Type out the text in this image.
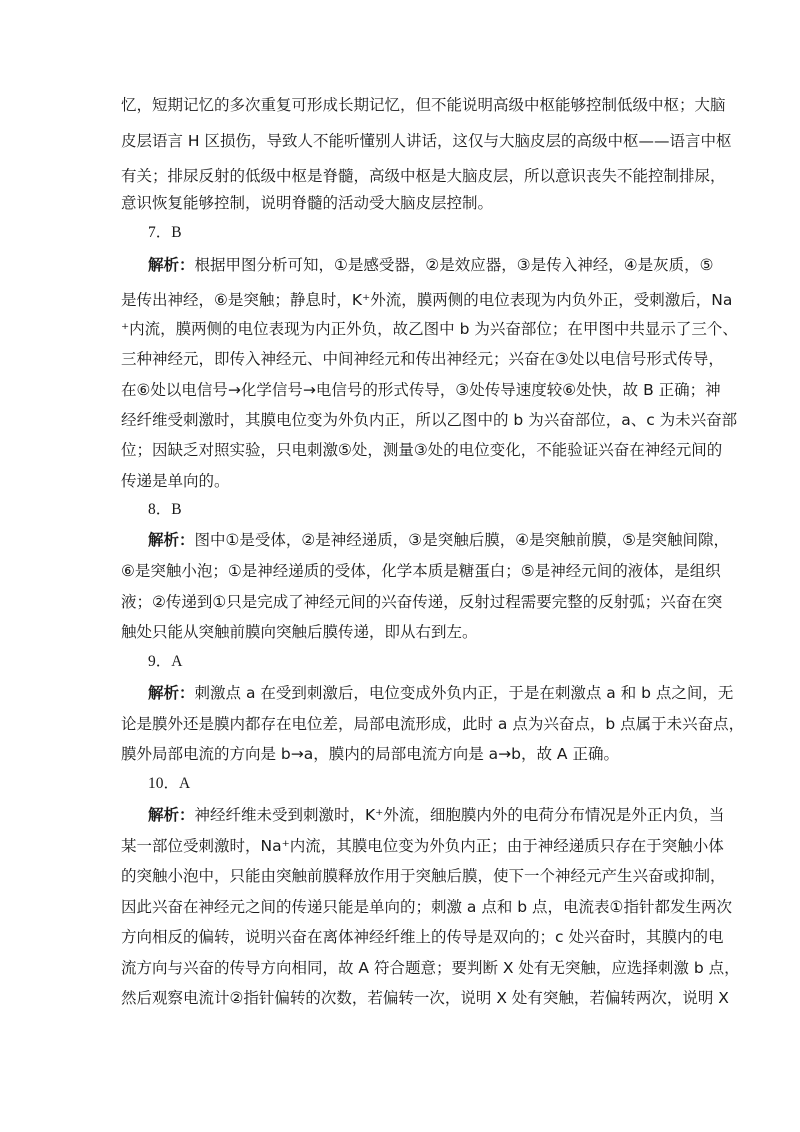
忆，短期记忆的多次重复可形成长期记忆，但不能说明高级中枢能够控制低级中枢；大脑
皮层语言 H 区损伤，导致人不能听懂别人讲话，这仅与大脑皮层的高级中枢——语言中枢
有关；排尿反射的低级中枢是脊髓，高级中枢是大脑皮层，所以意识丧失不能控制排尿，
意识恢复能够控制，说明脊髓的活动受大脑皮层控制。
7．B
解析：根据甲图分析可知，①是感受器，②是效应器，③是传入神经，④是灰质，⑤
是传出神经，⑥是突触；静息时，K⁺外流，膜两侧的电位表现为内负外正，受刺激后，Na
⁺内流，膜两侧的电位表现为内正外负，故乙图中 b 为兴奋部位；在甲图中共显示了三个、
三种神经元，即传入神经元、中间神经元和传出神经元；兴奋在③处以电信号形式传导，
在⑥处以电信号→化学信号→电信号的形式传导，③处传导速度较⑥处快，故 B 正确；神
经纤维受刺激时，其膜电位变为外负内正，所以乙图中的 b 为兴奋部位，a、c 为未兴奋部
位；因缺乏对照实验，只电刺激⑤处，测量③处的电位变化，不能验证兴奋在神经元间的
传递是单向的。
8．B
解析：图中①是受体，②是神经递质，③是突触后膜，④是突触前膜，⑤是突触间隙，
⑥是突触小泡；①是神经递质的受体，化学本质是糖蛋白；⑤是神经元间的液体，是组织
液；②传递到①只是完成了神经元间的兴奋传递，反射过程需要完整的反射弧；兴奋在突
触处只能从突触前膜向突触后膜传递，即从右到左。
9．A
解析：刺激点 a 在受到刺激后，电位变成外负内正，于是在刺激点 a 和 b 点之间，无
论是膜外还是膜内都存在电位差，局部电流形成，此时 a 点为兴奋点，b 点属于未兴奋点，
膜外局部电流的方向是 b→a，膜内的局部电流方向是 a→b，故 A 正确。
10．A
解析：神经纤维未受到刺激时，K⁺外流，细胞膜内外的电荷分布情况是外正内负，当
某一部位受刺激时，Na⁺内流，其膜电位变为外负内正；由于神经递质只存在于突触小体
的突触小泡中，只能由突触前膜释放作用于突触后膜，使下一个神经元产生兴奋或抑制，
因此兴奋在神经元之间的传递只能是单向的；刺激 a 点和 b 点，电流表①指针都发生两次
方向相反的偏转，说明兴奋在离体神经纤维上的传导是双向的；c 处兴奋时，其膜内的电
流方向与兴奋的传导方向相同，故 A 符合题意；要判断 X 处有无突触，应选择刺激 b 点，
然后观察电流计②指针偏转的次数，若偏转一次，说明 X 处有突触，若偏转两次，说明 X
